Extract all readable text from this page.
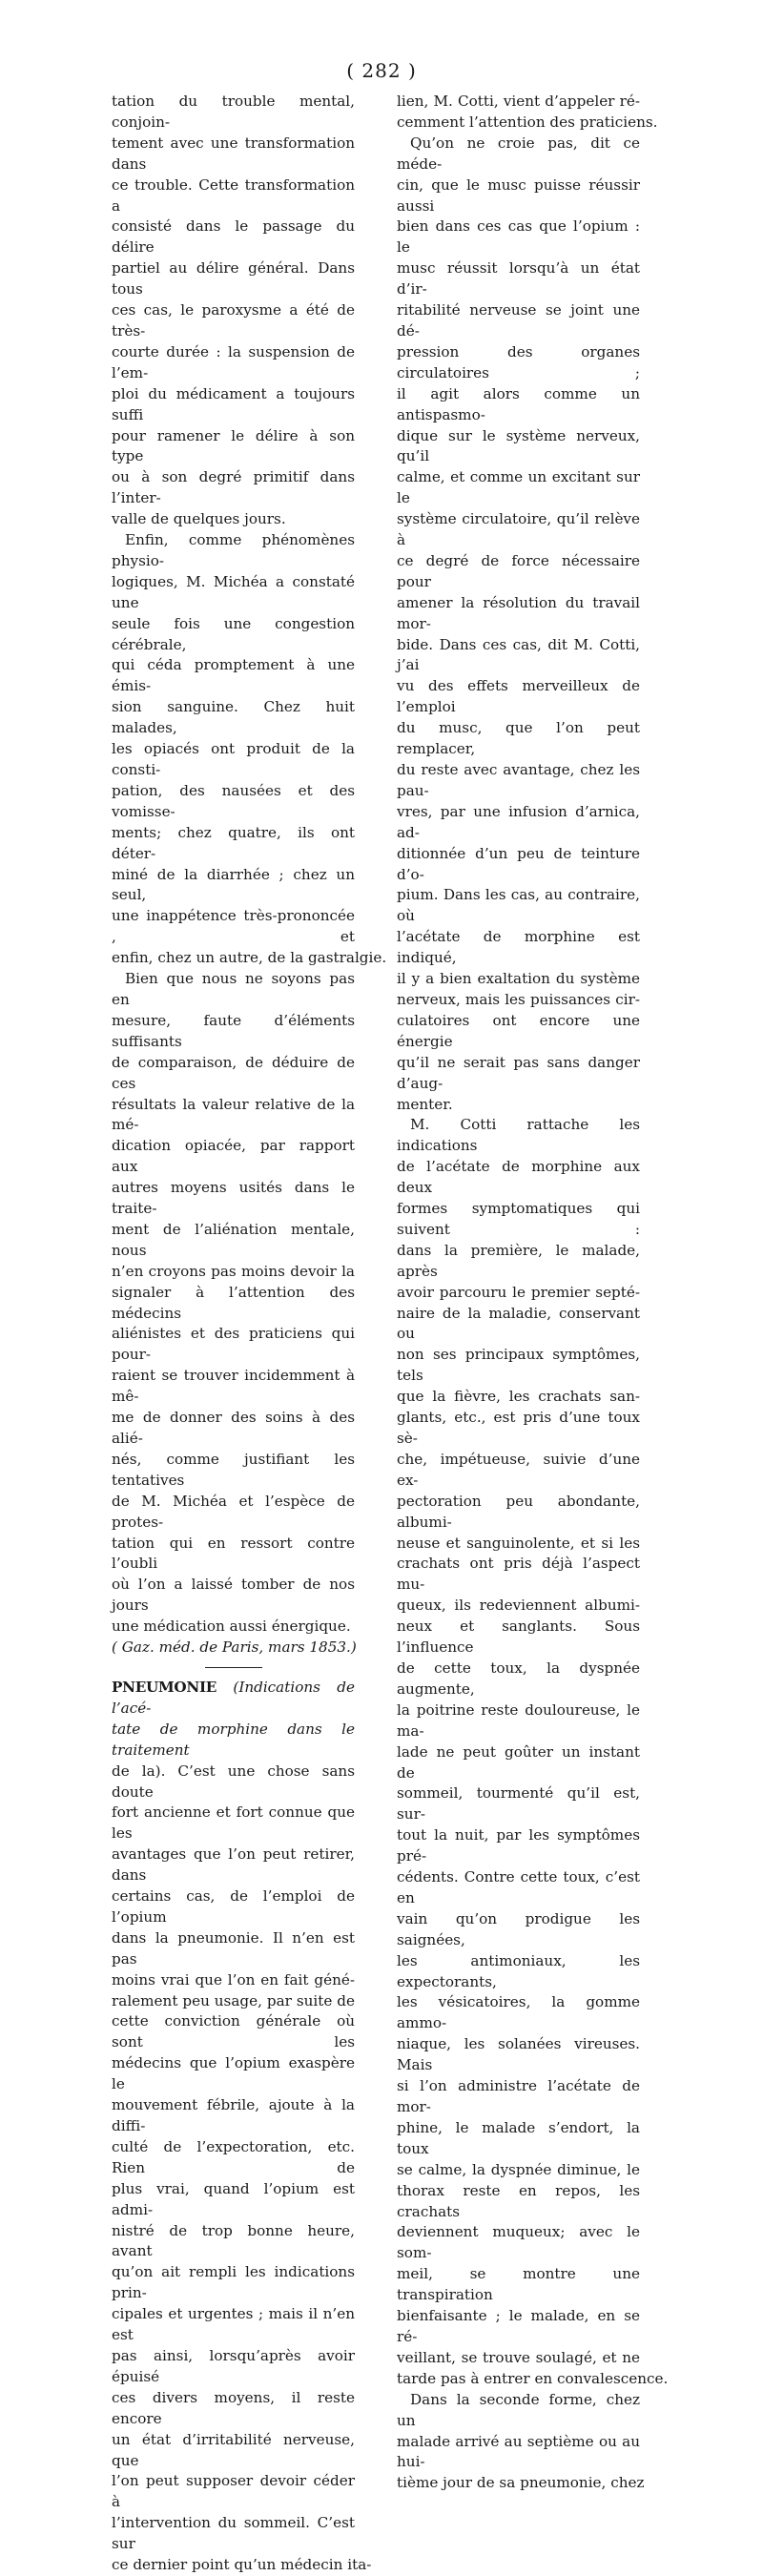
( 282 )
tation du trouble mental, conjoin-
tement avec une transformation dans
ce trouble. Cette transformation a
consisté dans le passage du délire
partiel au délire général. Dans tous
ces cas, le paroxysme a été de très-
courte durée : la suspension de l’em-
ploi du médicament a toujours suffi
pour ramener le délire à son type
ou à son degré primitif dans l’inter-
valle de quelques jours.
Enfin, comme phénomènes physio-
logiques, M. Michéa a constaté une
seule fois une congestion cérébrale,
qui céda promptement à une émis-
sion sanguine. Chez huit malades,
les opiacés ont produit de la consti-
pation, des nausées et des vomisse-
ments; chez quatre, ils ont déter-
miné de la diarrhée ; chez un seul,
une inappétence très-prononcée , et
enfin, chez un autre, de la gastralgie.
Bien que nous ne soyons pas en
mesure, faute d’éléments suffisants
de comparaison, de déduire de ces
résultats la valeur relative de la mé-
dication opiacée, par rapport aux
autres moyens usités dans le traite-
ment de l’aliénation mentale, nous
n’en croyons pas moins devoir la
signaler à l’attention des médecins
aliénistes et des praticiens qui pour-
raient se trouver incidemment à mê-
me de donner des soins à des alié-
nés, comme justifiant les tentatives
de M. Michéa et l’espèce de protes-
tation qui en ressort contre l’oubli
où l’on a laissé tomber de nos jours
une médication aussi énergique.
( Gaz. méd. de Paris, mars 1853.)
PNEUMONIE (Indications de l’acé-
tate de morphine dans le traitement
de la). C’est une chose sans doute
fort ancienne et fort connue que les
avantages que l’on peut retirer, dans
certains cas, de l’emploi de l’opium
dans la pneumonie. Il n’en est pas
moins vrai que l’on en fait géné-
ralement peu usage, par suite de
cette conviction générale où sont les
médecins que l’opium exaspère le
mouvement fébrile, ajoute à la diffi-
culté de l’expectoration, etc. Rien de
plus vrai, quand l’opium est admi-
nistré de trop bonne heure, avant
qu’on ait rempli les indications prin-
cipales et urgentes ; mais il n’en est
pas ainsi, lorsqu’après avoir épuisé
ces divers moyens, il reste encore
un état d’irritabilité nerveuse, que
l’on peut supposer devoir céder à
l’intervention du sommeil. C’est sur
ce dernier point qu’un médecin ita-
lien, M. Cotti, vient d’appeler ré-
cemment l’attention des praticiens.
Qu’on ne croie pas, dit ce méde-
cin, que le musc puisse réussir aussi
bien dans ces cas que l’opium : le
musc réussit lorsqu’à un état d’ir-
ritabilité nerveuse se joint une dé-
pression des organes circulatoires ;
il agit alors comme un antispasmo-
dique sur le système nerveux, qu’il
calme, et comme un excitant sur le
système circulatoire, qu’il relève à
ce degré de force nécessaire pour
amener la résolution du travail mor-
bide. Dans ces cas, dit M. Cotti, j’ai
vu des effets merveilleux de l’emploi
du musc, que l’on peut remplacer,
du reste avec avantage, chez les pau-
vres, par une infusion d’arnica, ad-
ditionnée d’un peu de teinture d’o-
pium. Dans les cas, au contraire, où
l’acétate de morphine est indiqué,
il y a bien exaltation du système
nerveux, mais les puissances cir-
culatoires ont encore une énergie
qu’il ne serait pas sans danger d’aug-
menter.
M. Cotti rattache les indications
de l’acétate de morphine aux deux
formes symptomatiques qui suivent :
dans la première, le malade, après
avoir parcouru le premier septé-
naire de la maladie, conservant ou
non ses principaux symptômes, tels
que la fièvre, les crachats san-
glants, etc., est pris d’une toux sè-
che, impétueuse, suivie d’une ex-
pectoration peu abondante, albumi-
neuse et sanguinolente, et si les
crachats ont pris déjà l’aspect mu-
queux, ils redeviennent albumi-
neux et sanglants. Sous l’influence
de cette toux, la dyspnée augmente,
la poitrine reste douloureuse, le ma-
lade ne peut goûter un instant de
sommeil, tourmenté qu’il est, sur-
tout la nuit, par les symptômes pré-
cédents. Contre cette toux, c’est en
vain qu’on prodigue les saignées,
les antimoniaux, les expectorants,
les vésicatoires, la gomme ammo-
niaque, les solanées vireuses. Mais
si l’on administre l’acétate de mor-
phine, le malade s’endort, la toux
se calme, la dyspnée diminue, le
thorax reste en repos, les crachats
deviennent muqueux; avec le som-
meil, se montre une transpiration
bienfaisante ; le malade, en se ré-
veillant, se trouve soulagé, et ne
tarde pas à entrer en convalescence.
Dans la seconde forme, chez un
malade arrivé au septième ou au hui-
tième jour de sa pneumonie, chez
